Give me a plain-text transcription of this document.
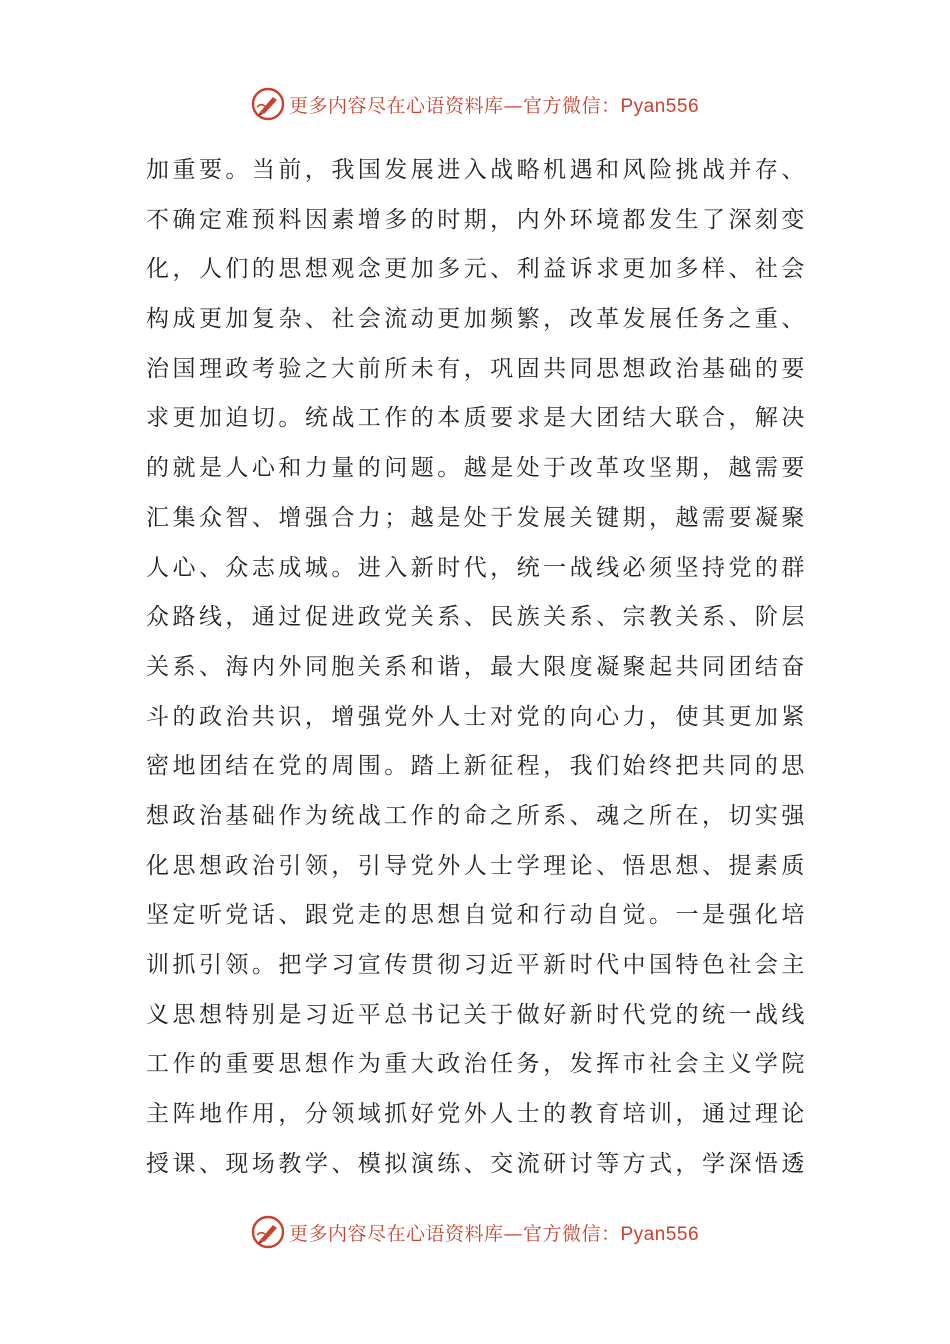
更多内容尽在心语资料库—官方微信：Pyan556
加重要。当前，我国发展进入战略机遇和风险挑战并存、
不确定难预料因素增多的时期，内外环境都发生了深刻变
化，人们的思想观念更加多元、利益诉求更加多样、社会
构成更加复杂、社会流动更加频繁，改革发展任务之重、
治国理政考验之大前所未有，巩固共同思想政治基础的要
求更加迫切。统战工作的本质要求是大团结大联合，解决
的就是人心和力量的问题。越是处于改革攻坚期，越需要
汇集众智、增强合力；越是处于发展关键期，越需要凝聚
人心、众志成城。进入新时代，统一战线必须坚持党的群
众路线，通过促进政党关系、民族关系、宗教关系、阶层
关系、海内外同胞关系和谐，最大限度凝聚起共同团结奋
斗的政治共识，增强党外人士对党的向心力，使其更加紧
密地团结在党的周围。踏上新征程，我们始终把共同的思
想政治基础作为统战工作的命之所系、魂之所在，切实强
化思想政治引领，引导党外人士学理论、悟思想、提素质
坚定听党话、跟党走的思想自觉和行动自觉。一是强化培
训抓引领。把学习宣传贯彻习近平新时代中国特色社会主
义思想特别是习近平总书记关于做好新时代党的统一战线
工作的重要思想作为重大政治任务，发挥市社会主义学院
主阵地作用，分领域抓好党外人士的教育培训，通过理论
授课、现场教学、模拟演练、交流研讨等方式，学深悟透
更多内容尽在心语资料库—官方微信：Pyan556
